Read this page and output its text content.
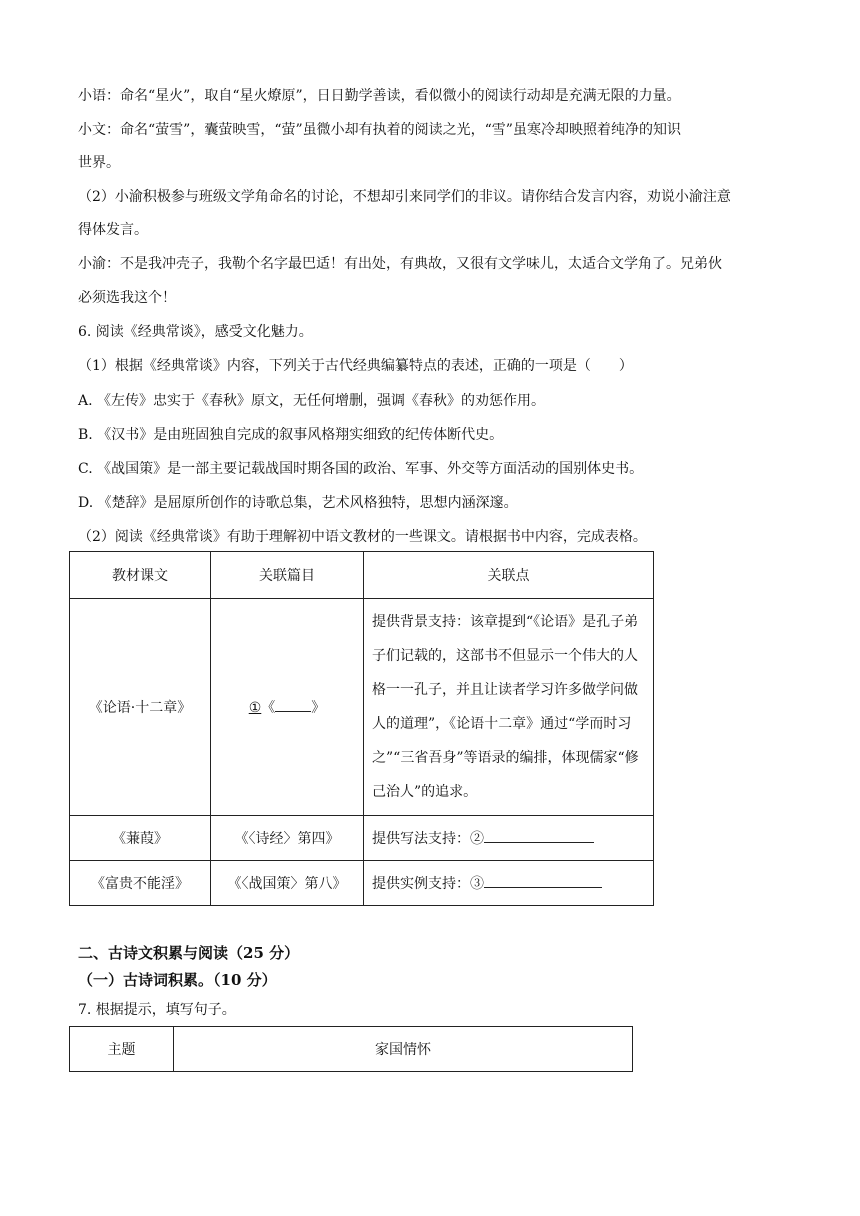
小语：命名“星火”，取自“星火燎原”，日日勤学善读，看似微小的阅读行动却是充满无限的力量。
小文：命名“萤雪”，囊萤映雪，“萤”虽微小却有执着的阅读之光，“雪”虽寒冷却映照着纯净的知识
世界。
（2）小渝积极参与班级文学角命名的讨论，不想却引来同学们的非议。请你结合发言内容，劝说小渝注意
得体发言。
小渝：不是我冲壳子，我勒个名字最巴适！有出处，有典故，又很有文学味儿，太适合文学角了。兄弟伙
必须选我这个！
6. 阅读《经典常谈》，感受文化魅力。
（1）根据《经典常谈》内容，下列关于古代经典编纂特点的表述，正确的一项是（　　）
A. 《左传》忠实于《春秋》原文，无任何增删，强调《春秋》的劝惩作用。
B. 《汉书》是由班固独自完成的叙事风格翔实细致的纪传体断代史。
C. 《战国策》是一部主要记载战国时期各国的政治、军事、外交等方面活动的国别体史书。
D. 《楚辞》是屈原所创作的诗歌总集，艺术风格独特，思想内涵深邃。
（2）阅读《经典常谈》有助于理解初中语文教材的一些课文。请根据书中内容，完成表格。
教材课文	关联篇目	关联点
《论语·十二章》	①《 》	提供背景支持：该章提到“《论语》是孔子弟子们记载的，这部书不但显示一个伟大的人格一一孔子，并且让读者学习许多做学问做人的道理”，《论语十二章》通过“学而时习之”“三省吾身”等语录的编排，体现儒家“修己治人”的追求。
《蒹葭》	《〈诗经〉第四》	提供写法支持：②
《富贵不能淫》	《〈战国策〉第八》	提供实例支持：③
二、古诗文积累与阅读（25 分）
（一）古诗词积累。（10 分）
7. 根据提示，填写句子。
主题	家国情怀
